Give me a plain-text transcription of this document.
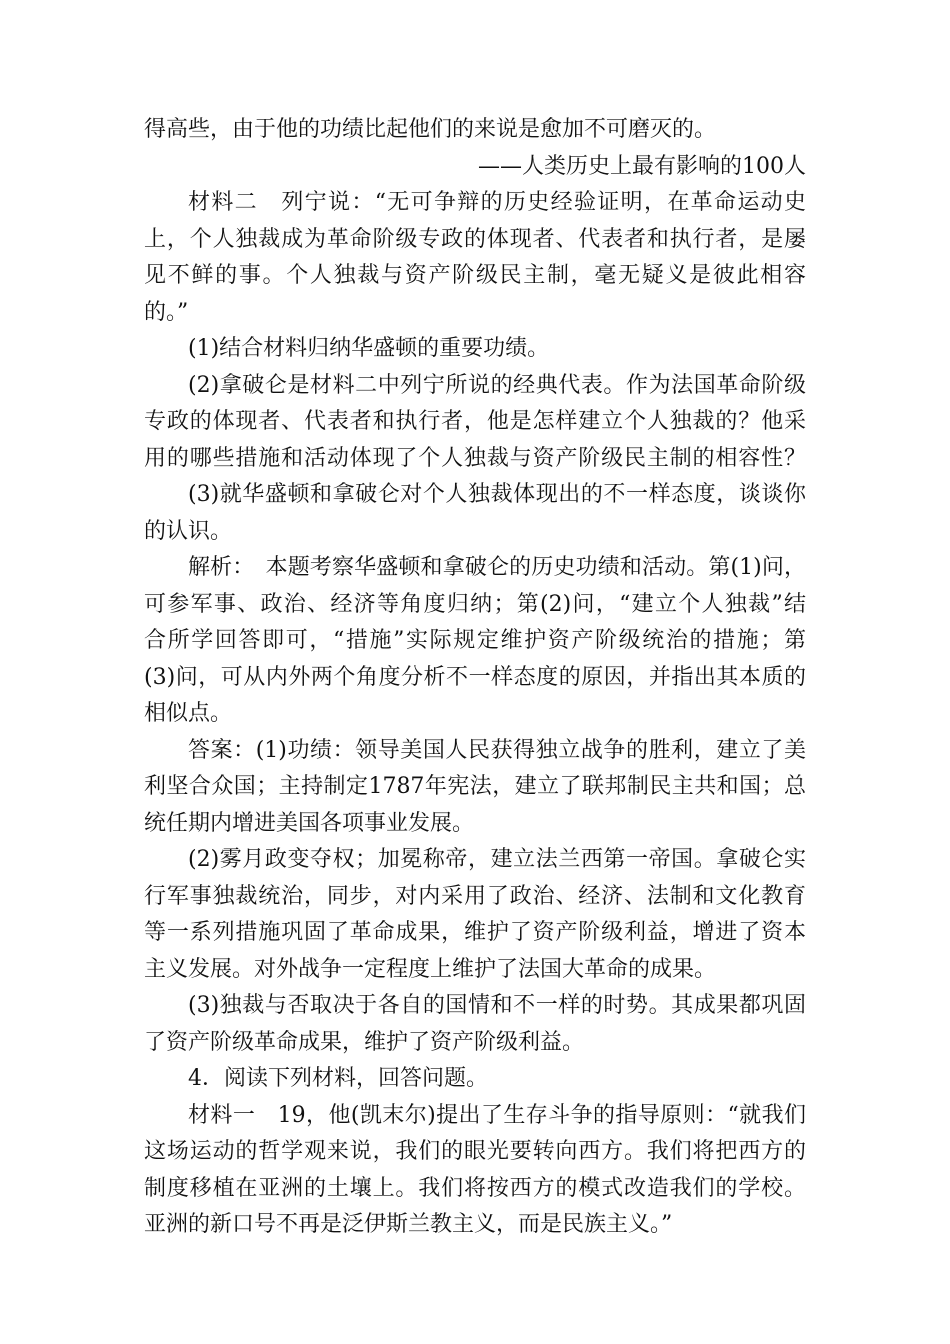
得高些，由于他的功绩比起他们的来说是愈加不可磨灭的。
——人类历史上最有影响的100人
材料二　列宁说：“无可争辩的历史经验证明，在革命运动史
上，个人独裁成为革命阶级专政的体现者、代表者和执行者，是屡
见不鲜的事。个人独裁与资产阶级民主制，毫无疑义是彼此相容
的。”
(1)结合材料归纳华盛顿的重要功绩。
(2)拿破仑是材料二中列宁所说的经典代表。作为法国革命阶级
专政的体现者、代表者和执行者，他是怎样建立个人独裁的？他采
用的哪些措施和活动体现了个人独裁与资产阶级民主制的相容性？
(3)就华盛顿和拿破仑对个人独裁体现出的不一样态度，谈谈你
的认识。
解析：　本题考察华盛顿和拿破仑的历史功绩和活动。第(1)问，
可参军事、政治、经济等角度归纳；第(2)问，“建立个人独裁”结
合所学回答即可，“措施”实际规定维护资产阶级统治的措施；第
(3)问，可从内外两个角度分析不一样态度的原因，并指出其本质的
相似点。
答案：(1)功绩：领导美国人民获得独立战争的胜利，建立了美
利坚合众国；主持制定1787年宪法，建立了联邦制民主共和国；总
统任期内增进美国各项事业发展。
(2)雾月政变夺权；加冕称帝，建立法兰西第一帝国。拿破仑实
行军事独裁统治，同步，对内采用了政治、经济、法制和文化教育
等一系列措施巩固了革命成果，维护了资产阶级利益，增进了资本
主义发展。对外战争一定程度上维护了法国大革命的成果。
(3)独裁与否取决于各自的国情和不一样的时势。其成果都巩固
了资产阶级革命成果，维护了资产阶级利益。
4．阅读下列材料，回答问题。
材料一　19，他(凯末尔)提出了生存斗争的指导原则：“就我们
这场运动的哲学观来说，我们的眼光要转向西方。我们将把西方的
制度移植在亚洲的土壤上。我们将按西方的模式改造我们的学校。
亚洲的新口号不再是泛伊斯兰教主义，而是民族主义。”
